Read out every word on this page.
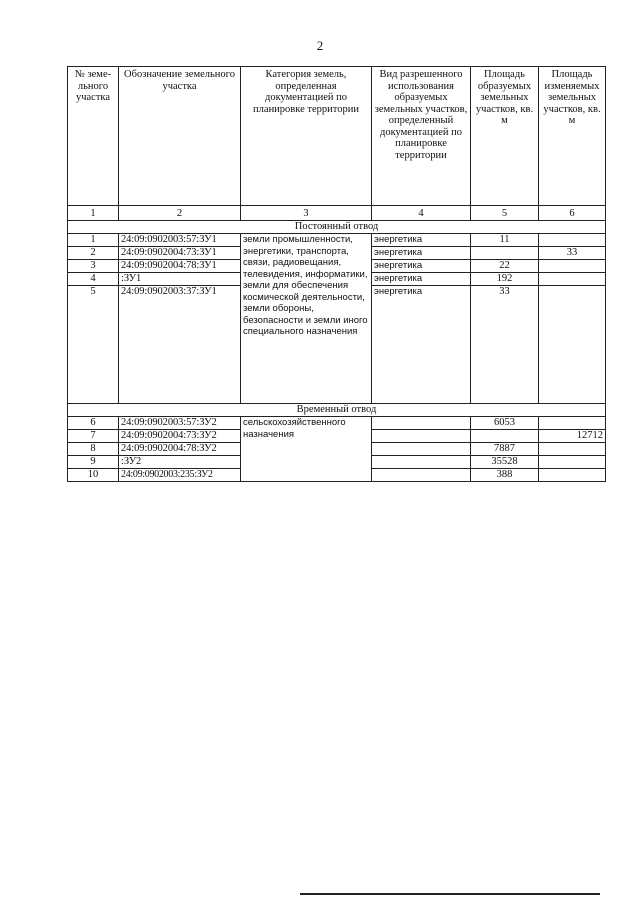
2
№ земе-льного участка	Обозначение земельного участка	Категория земель, определенная документацией по планировке территории	Вид разрешенного использования образуемых земельных участков, определенный документацией по планировке территории	Площадь образуемых земельных участков, кв. м	Площадь изменяемых земельных участков, кв. м
1	2	3	4	5	6
Постоянный отвод					
1	24:09:0902003:57:ЗУ1	земли промышленности, энергетики, транспорта, связи, радиовещания, телевидения, информатики, земли для обеспечения космической деятельности, земли обороны, безопасности и земли иного специального назначения	энергетика	11	
2	24:09:0902004:73:ЗУ1		энергетика		33
3	24:09:0902004:78:ЗУ1		энергетика	22	
4	:ЗУ1		энергетика	192	
5	24:09:0902003:37:ЗУ1		энергетика	33	
Временный отвод					
6	24:09:0902003:57:ЗУ2	сельскохозяйственного назначения		6053	
7	24:09:0902004:73:ЗУ2				12712
8	24:09:0902004:78:ЗУ2			7887	
9	:ЗУ2			35528	
10	24:09:0902003:235:ЗУ2			388	
